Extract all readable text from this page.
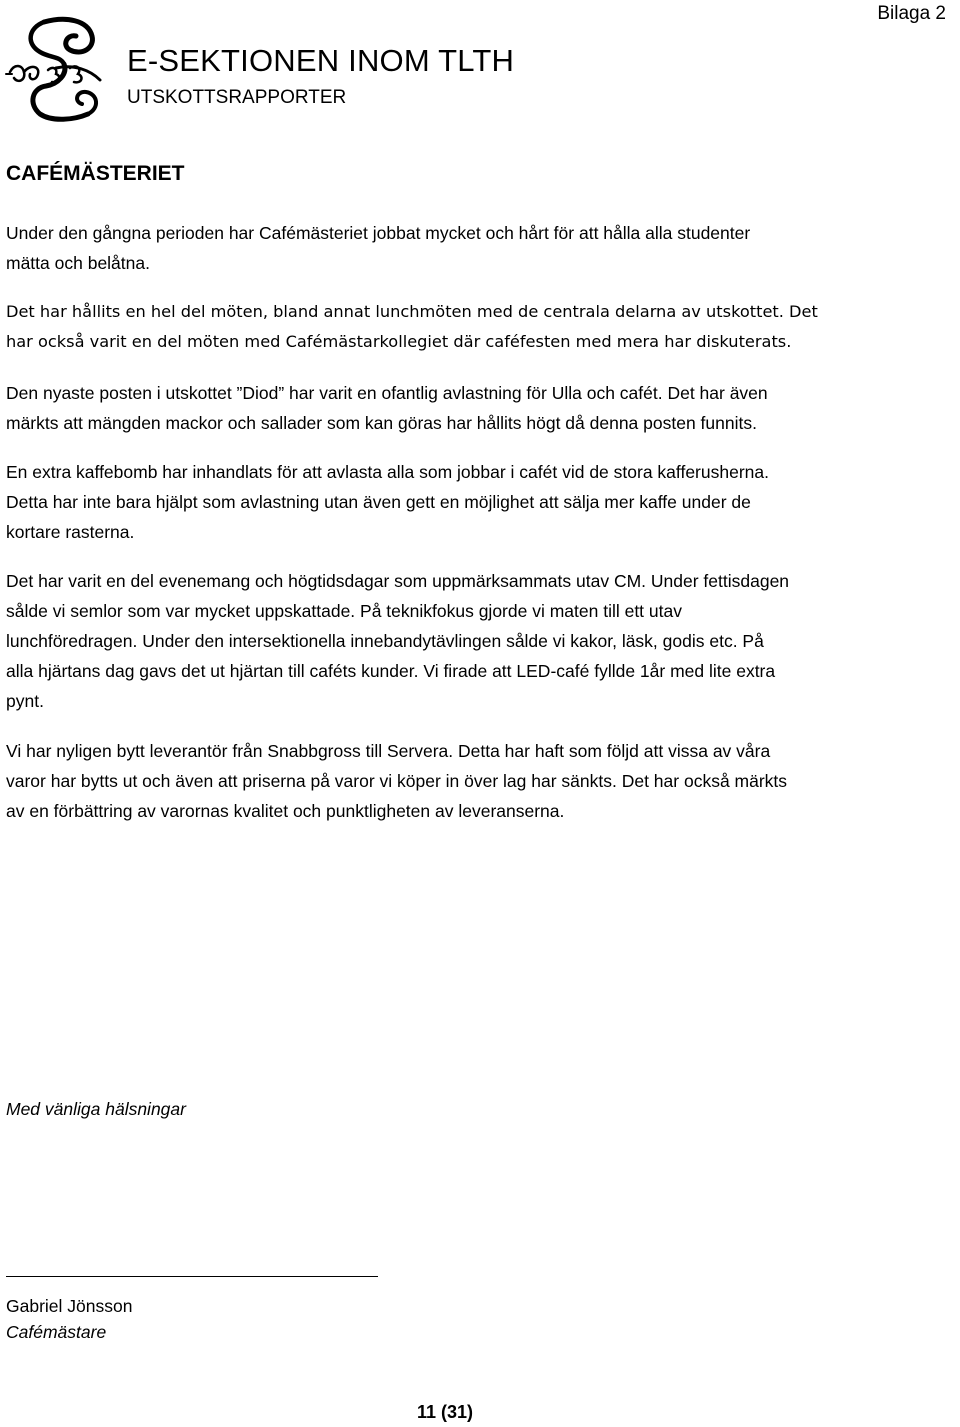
Bilaga 2
E-SEKTIONEN INOM TLTH
UTSKOTTSRAPPORTER
CAFÉMÄSTERIET
Under den gångna perioden har Cafémästeriet jobbat mycket och hårt för att hålla alla studenter
mätta och belåtna.
Det har hållits en hel del möten, bland annat lunchmöten med de centrala delarna av utskottet. Det
har också varit en del möten med Cafémästarkollegiet där caféfesten med mera har diskuterats.
Den nyaste posten i utskottet ”Diod” har varit en ofantlig avlastning för Ulla och cafét. Det har även
märkts att mängden mackor och sallader som kan göras har hållits högt då denna posten funnits.
En extra kaffebomb har inhandlats för att avlasta alla som jobbar i cafét vid de stora kafferusherna.
Detta har inte bara hjälpt som avlastning utan även gett en möjlighet att sälja mer kaffe under de
kortare rasterna.
Det har varit en del evenemang och högtidsdagar som uppmärksammats utav CM. Under fettisdagen
sålde vi semlor som var mycket uppskattade. På teknikfokus gjorde vi maten till ett utav
lunchföredragen. Under den intersektionella innebandytävlingen sålde vi kakor, läsk, godis etc. På
alla hjärtans dag gavs det ut hjärtan till caféts kunder. Vi firade att LED-café fyllde 1år med lite extra
pynt.
Vi har nyligen bytt leverantör från Snabbgross till Servera. Detta har haft som följd att vissa av våra
varor har bytts ut och även att priserna på varor vi köper in över lag har sänkts. Det har också märkts
av en förbättring av varornas kvalitet och punktligheten av leveranserna.
Med vänliga hälsningar
Gabriel Jönsson
Cafémästare
11 (31)
